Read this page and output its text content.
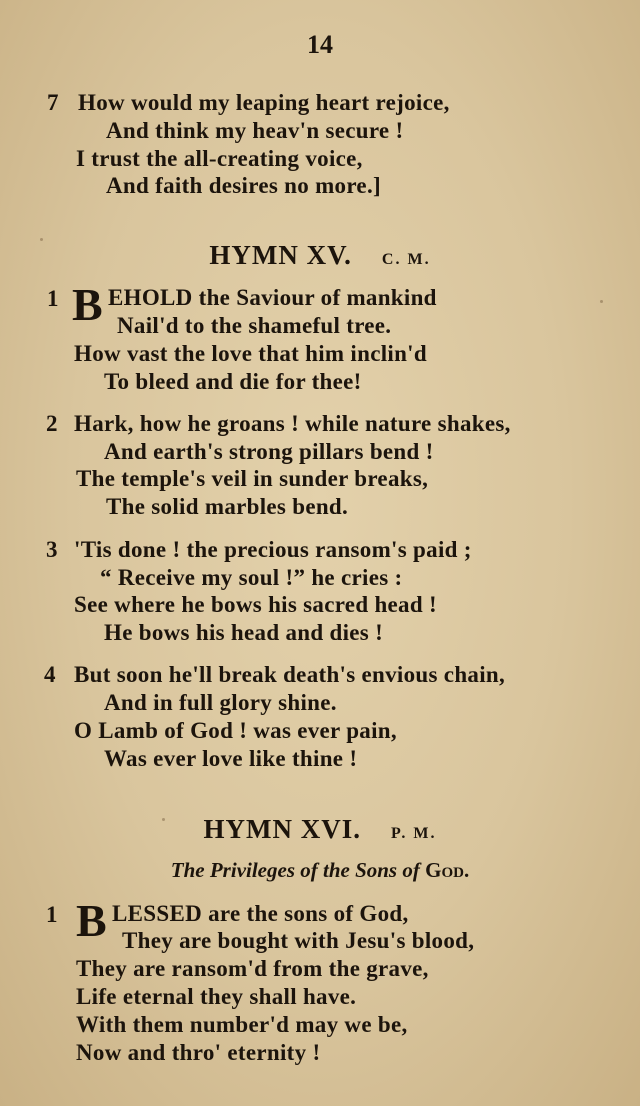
14
7 How would my leaping heart rejoice,
And think my heav'n secure !
I trust the all-creating voice,
And faith desires no more.]
HYMN XV. C. M.
1 B EHOLD the Saviour of mankind
Nail'd to the shameful tree.
How vast the love that him inclin'd
To bleed and die for thee!
2 Hark, how he groans ! while nature shakes,
And earth's strong pillars bend !
The temple's veil in sunder breaks,
The solid marbles bend.
3 'Tis done ! the precious ransom's paid ;
“ Receive my soul !” he cries :
See where he bows his sacred head !
He bows his head and dies !
4 But soon he'll break death's envious chain,
And in full glory shine.
O Lamb of God ! was ever pain,
Was ever love like thine !
HYMN XVI. P. M.
The Privileges of the Sons of God.
1 B LESSED are the sons of God,
They are bought with Jesu's blood,
They are ransom'd from the grave,
Life eternal they shall have.
With them number'd may we be,
Now and thro' eternity !
